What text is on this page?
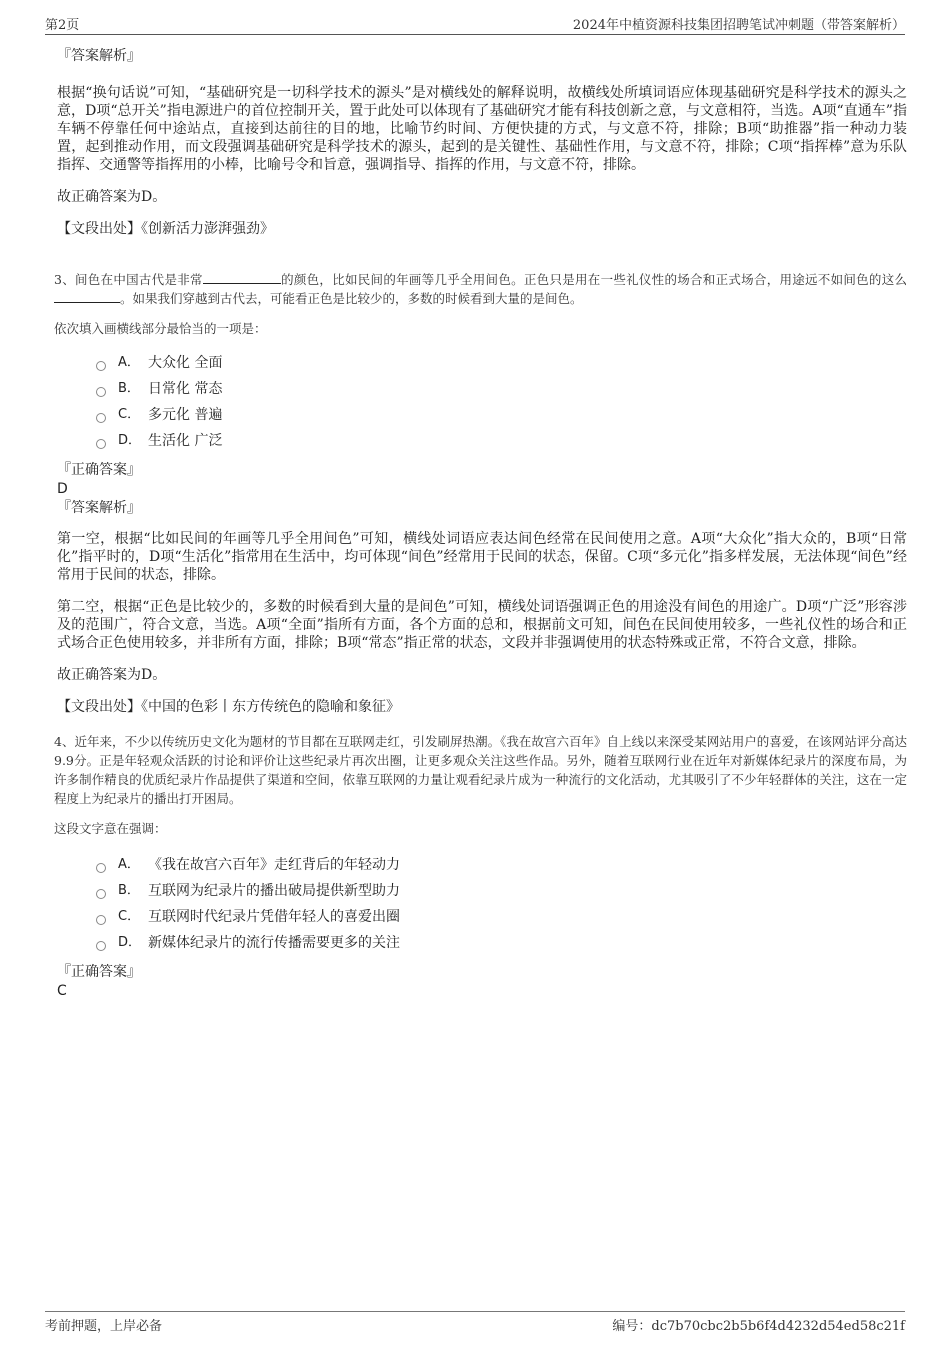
第2页	2024年中植资源科技集团招聘笔试冲刺题（带答案解析）

『答案解析』

根据“换句话说”可知，“基础研究是一切科学技术的源头”是对横线处的解释说明，故横线处所填词语应体现基础研究是科学技术的源头之意，D项“总开关”指电源进户的首位控制开关，置于此处可以体现有了基础研究才能有科技创新之意，与文意相符，当选。A项“直通车”指车辆不停靠任何中途站点，直接到达前往的目的地，比喻节约时间、方便快捷的方式，与文意不符，排除；B项“助推器”指一种动力装置，起到推动作用，而文段强调基础研究是科学技术的源头，起到的是关键性、基础性作用，与文意不符，排除；C项“指挥棒”意为乐队指挥、交通警等指挥用的小棒，比喻号令和旨意，强调指导、指挥的作用，与文意不符，排除。

故正确答案为D。

【文段出处】《创新活力澎湃强劲》

3、间色在中国古代是非常	的颜色，比如民间的年画等几乎全用间色。正色只是用在一些礼仪性的场合和正式场合，用途远不如间色的这么。如果我们穿越到古代去，可能看正色是比较少的，多数的时候看到大量的是间色。

依次填入画横线部分最恰当的一项是：

A． 大众化 全面
B． 日常化 常态
C． 多元化 普遍
D． 生活化 广泛

『正确答案』

D

『答案解析』

第一空，根据“比如民间的年画等几乎全用间色”可知，横线处词语应表达间色经常在民间使用之意。A项“大众化”指大众的，B项“日常化”指平时的，D项“生活化”指常用在生活中，均可体现“间色”经常用于民间的状态，保留。C项“多元化”指多样发展，无法体现“间色”经常用于民间的状态，排除。

第二空，根据“正色是比较少的，多数的时候看到大量的是间色”可知，横线处词语强调正色的用途没有间色的用途广。D项“广泛”形容涉及的范围广，符合文意，当选。A项“全面”指所有方面，各个方面的总和，根据前文可知，间色在民间使用较多，一些礼仪性的场合和正式场合正色使用较多，并非所有方面，排除；B项“常态”指正常的状态，文段并非强调使用的状态特殊或正常，不符合文意，排除。

故正确答案为D。

【文段出处】《中国的色彩丨东方传统色的隐喻和象征》

4、近年来，不少以传统历史文化为题材的节目都在互联网走红，引发刷屏热潮。《我在故宫六百年》自上线以来深受某网站用户的喜爱，在该网站评分高达9.9分。正是年轻观众活跃的讨论和评价让这些纪录片再次出圈，让更多观众关注这些作品。另外，随着互联网行业在近年对新媒体纪录片的深度布局，为许多制作精良的优质纪录片作品提供了渠道和空间，依靠互联网的力量让观看纪录片成为一种流行的文化活动，尤其吸引了不少年轻群体的关注，这在一定程度上为纪录片的播出打开困局。

这段文字意在强调：

A． 《我在故宫六百年》走红背后的年轻动力
B． 互联网为纪录片的播出破局提供新型助力
C． 互联网时代纪录片凭借年轻人的喜爱出圈
D． 新媒体纪录片的流行传播需要更多的关注

『正确答案』

C

考前押题，上岸必备	编号：dc7b70cbc2b5b6f4d4232d54ed58c21f
